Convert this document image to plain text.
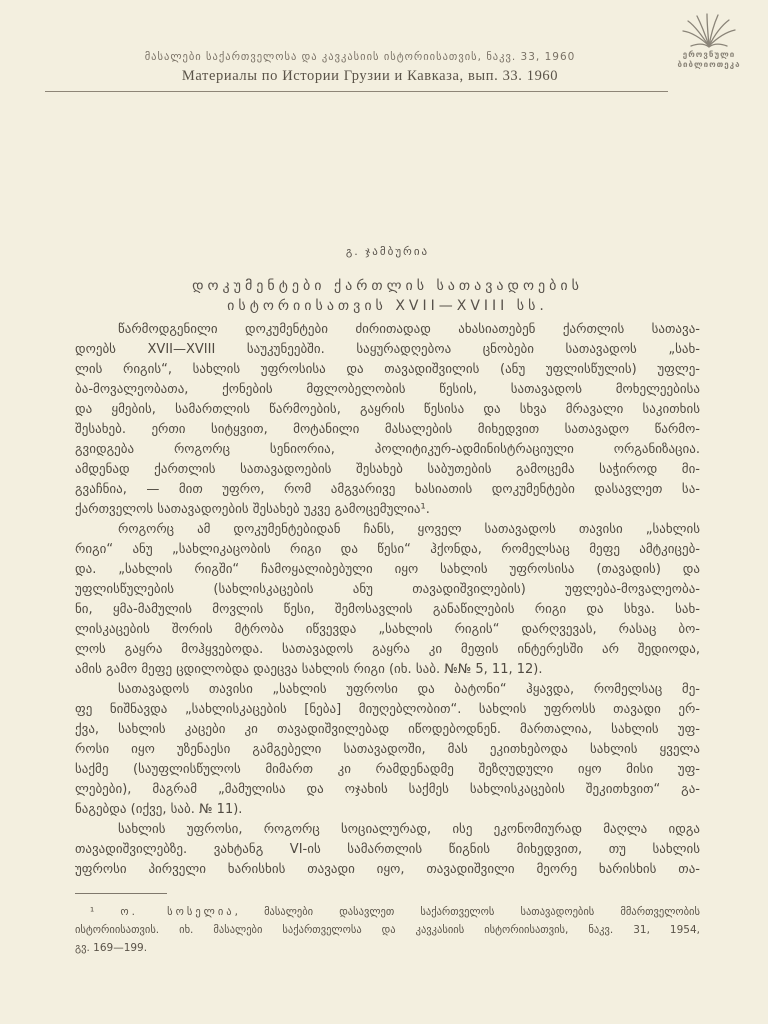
მასალები საქართველოსა და კავკასიის ისტორიისათვის, ნაკვ. 33, 1960
Материалы по Истории Грузии и Кавказа, вып. 33. 1960
ეროვნული
ბიბლიოთეკა
გ. ჯამბურია
დოკუმენტები ქართლის სათავადოების
ისტორიისათვის XVII—XVIII სს.
წარმოდგენილი დოკუმენტები ძირითადად ახასიათებენ ქართლის სათავა-
დოებს XVII—XVIII საუკუნეებში. საყურადღებოა ცნობები სათავადოს „სახ-
ლის რიგის“, სახლის უფროსისა და თავადიშვილის (ანუ უფლისწულის) უფლე-
ბა-მოვალეობათა, ქონების მფლობელობის წესის, სათავადოს მოხელეებისა
და ყმების, სამართლის წარმოების, გაყრის წესისა და სხვა მრავალი საკითხის
შესახებ. ერთი სიტყვით, მოტანილი მასალების მიხედვით სათავადო წარმო-
გვიდგება როგორც სენიორია, პოლიტიკურ-ადმინისტრაციული ორგანიზაცია.
ამდენად ქართლის სათავადოების შესახებ საბუთების გამოცემა საჭიროდ მი-
გვაჩნია, — მით უფრო, რომ ამგვარივე ხასიათის დოკუმენტები დასავლეთ სა-
ქართველოს სათავადოების შესახებ უკვე გამოცემულია¹.
როგორც ამ დოკუმენტებიდან ჩანს, ყოველ სათავადოს თავისი „სახლის
რიგი“ ანუ „სახლიკაცობის რიგი და წესი“ ჰქონდა, რომელსაც მეფე ამტკიცებ-
და. „სახლის რიგში“ ჩამოყალიბებული იყო სახლის უფროსისა (თავადის) და
უფლისწულების (სახლისკაცების ანუ თავადიშვილების) უფლება-მოვალეობა-
ნი, ყმა-მამულის მოვლის წესი, შემოსავლის განაწილების რიგი და სხვა. სახ-
ლისკაცების შორის მტრობა იწვევდა „სახლის რიგის“ დარღვევას, რასაც ბო-
ლოს გაყრა მოჰყვებოდა. სათავადოს გაყრა კი მეფის ინტერესში არ შედიოდა,
ამის გამო მეფე ცდილობდა დაეცვა სახლის რიგი (იხ. საბ. №№ 5, 11, 12).
სათავადოს თავისი „სახლის უფროსი და ბატონი“ ჰყავდა, რომელსაც მე-
ფე ნიშნავდა „სახლისკაცების [ნება] მიუღებლობით“. სახლის უფროსს თავადი ერ-
ქვა, სახლის კაცები კი თავადიშვილებად იწოდებოდნენ. მართალია, სახლის უფ-
როსი იყო უზენაესი გამგებელი სათავადოში, მას ეკითხებოდა სახლის ყველა
საქმე (საუფლისწულოს მიმართ კი რამდენადმე შეზღუდული იყო მისი უფ-
ლებები), მაგრამ „მამულისა და ოჯახის საქმეს სახლისკაცების შეკითხვით“ გა-
ნაგებდა (იქვე, საბ. № 11).
სახლის უფროსი, როგორც სოციალურად, ისე ეკონომიურად მაღლა იდგა
თავადიშვილებზე. ვახტანგ VI-ის სამართლის წიგნის მიხედვით, თუ სახლის
უფროსი პირველი ხარისხის თავადი იყო, თავადიშვილი მეორე ხარისხის თა-
¹ ო. სოსელია, მასალები დასავლეთ საქართველოს სათავადოების მმართველობის
ისტორიისათვის. იხ. მასალები საქართველოსა და კავკასიის ისტორიისათვის, ნაკვ. 31, 1954,
გვ. 169—199.
